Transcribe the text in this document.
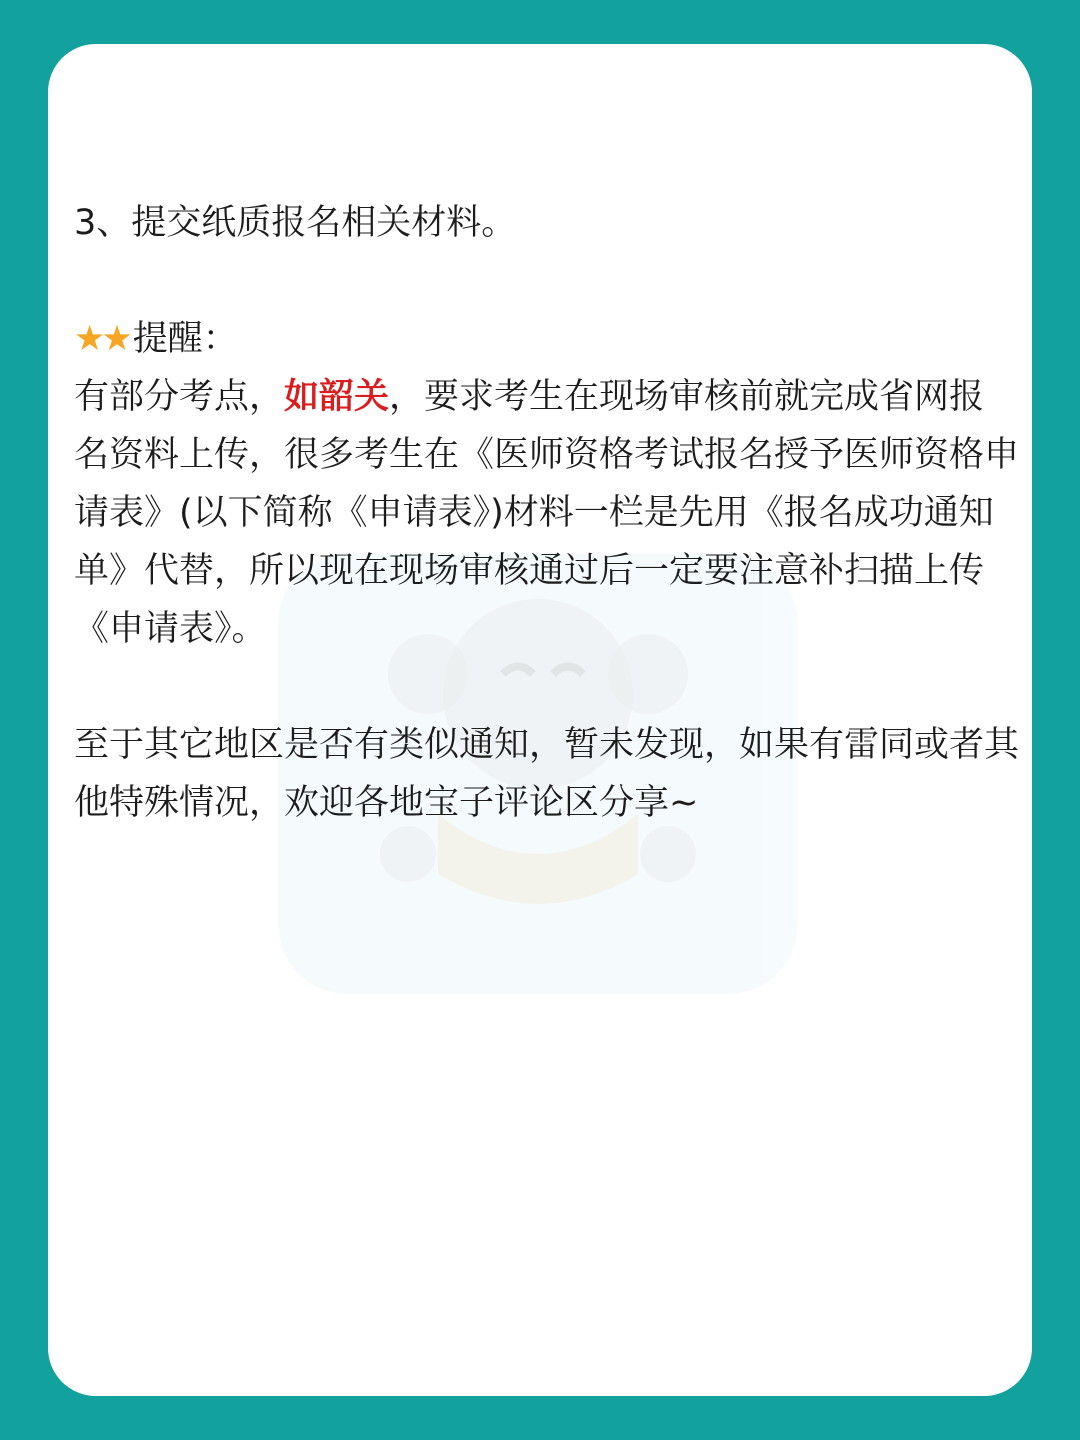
3、提交纸质报名相关材料。

★★ 提醒：
有部分考点，如韶关，要求考生在现场审核前就完成省网报名资料上传，很多考生在《医师资格考试报名授予医师资格申请表》(以下简称《申请表》)材料一栏是先用《报名成功通知单》代替，所以现在现场审核通过后一定要注意补扫描上传《申请表》。

至于其它地区是否有类似通知，暂未发现，如果有雷同或者其他特殊情况，欢迎各地宝子评论区分享~
